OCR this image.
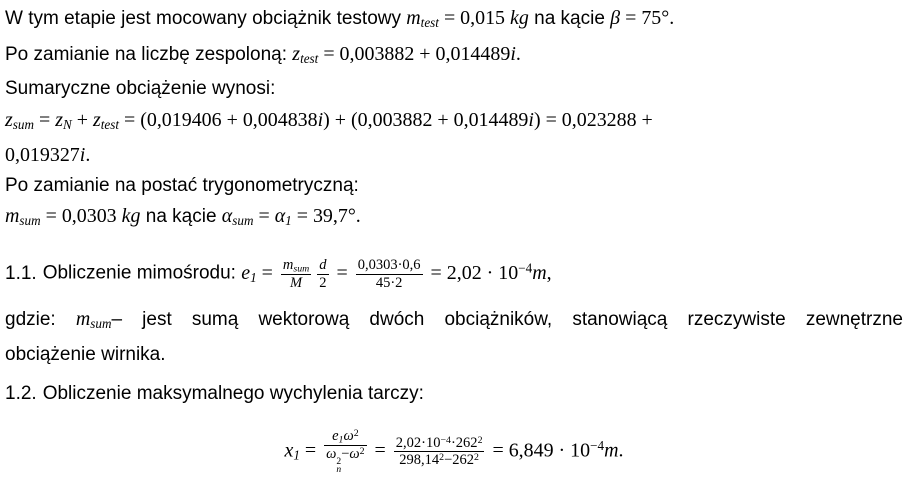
W tym etapie jest mocowany obciążnik testowy mtest = 0,015 kg na kącie β = 75°.
Po zamianie na liczbę zespoloną: ztest = 0,003882 + 0,014489i.
Sumaryczne obciążenie wynosi:
zsum = zN + ztest = (0,019406 + 0,004838i) + (0,003882 + 0,014489i) = 0,023288 +
0,019327i.
Po zamianie na postać trygonometryczną:
msum = 0,0303 kg na kącie αsum = α1 = 39,7°.
1.1. Obliczenie mimośrodu: $e1 = \frac{\text{msum}}{M} \frac{d}{2} = \frac{0,0303\cdot 0,6}{45\cdot 2} = 2,02 \cdot 10^{-4}m$,
gdzie: msum– jest sumą wektorową dwóch obciążników, stanowiącą rzeczywiste zewnętrzne
obciążenie wirnika.
1.2. Obliczenie maksymalnego wychylenia tarczy:
$x1 = e1\omega^2$
ω 2
n
$-\omega^2 = \frac{2,02\cdot 10^{-4}\cdot 262^2}{298,14^2-262^2} = 6,849 \cdot 10^{-4}m$.
